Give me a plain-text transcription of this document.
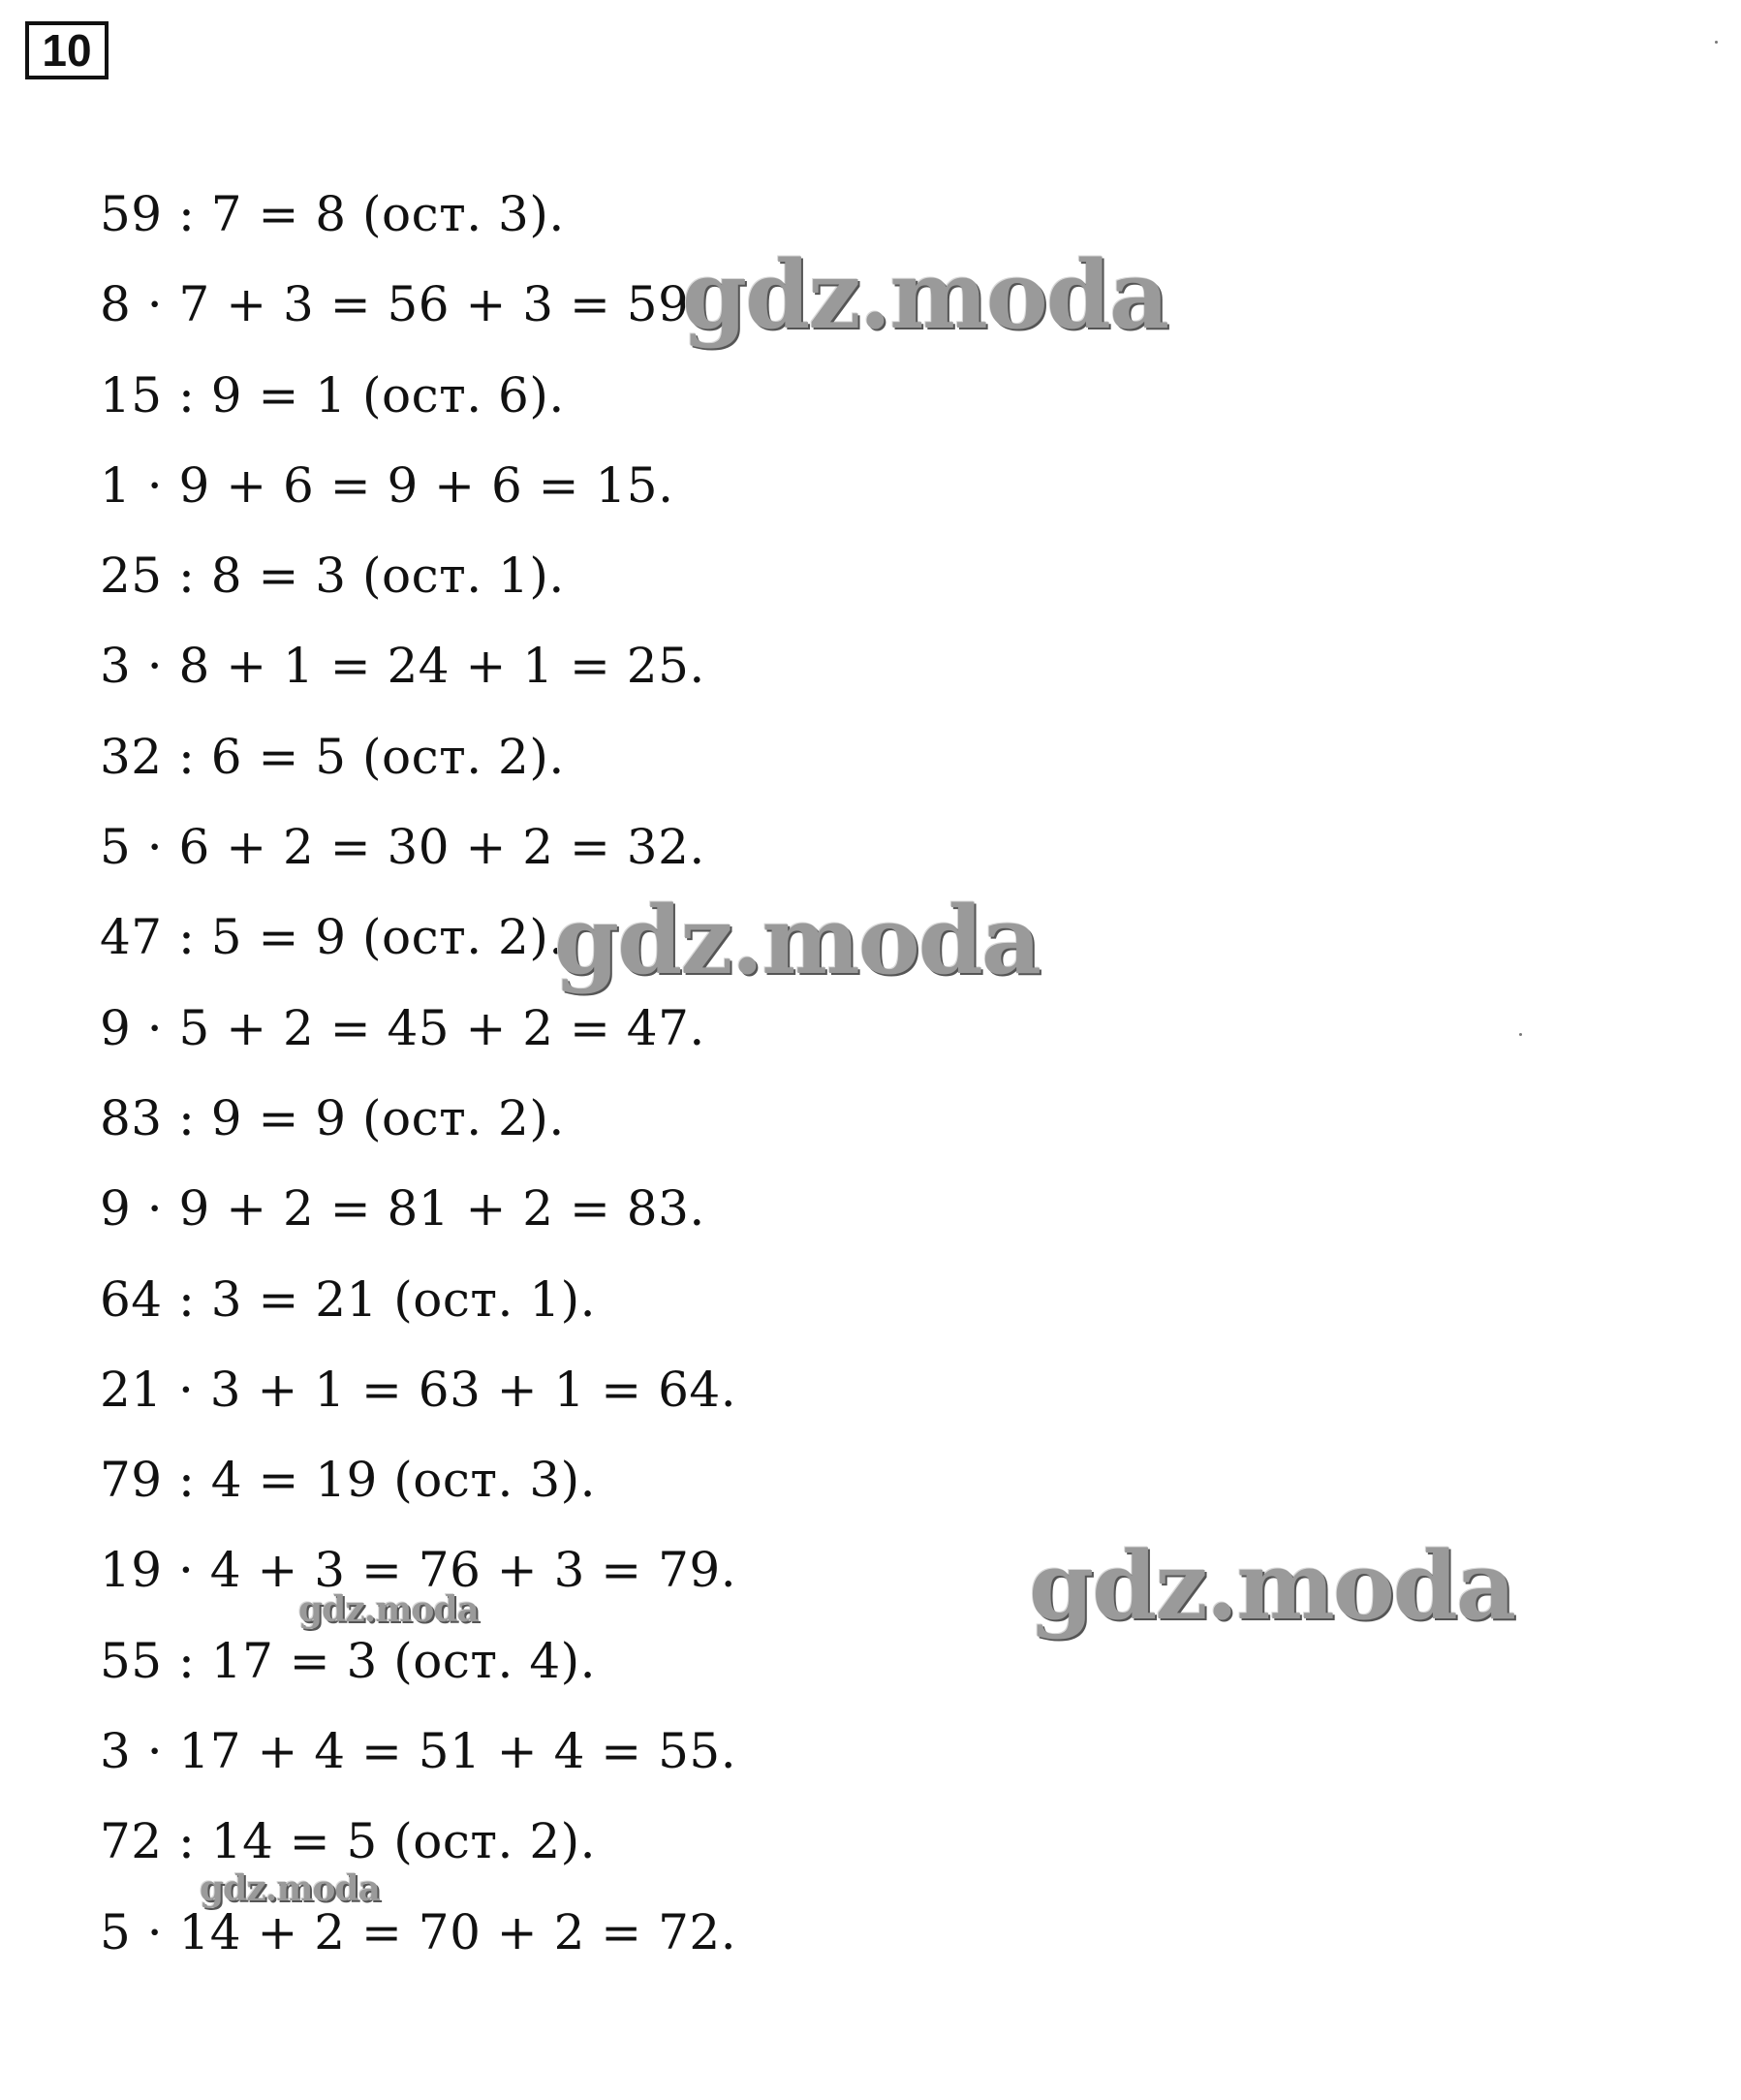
10
59 : 7 = 8 (ост. 3).
8 · 7 + 3 = 56 + 3 = 59.
15 : 9 = 1 (ост. 6).
1 · 9 + 6 = 9 + 6 = 15.
25 : 8 = 3 (ост. 1).
3 · 8 + 1 = 24 + 1 = 25.
32 : 6 = 5 (ост. 2).
5 · 6 + 2 = 30 + 2 = 32.
47 : 5 = 9 (ост. 2).
9 · 5 + 2 = 45 + 2 = 47.
83 : 9 = 9 (ост. 2).
9 · 9 + 2 = 81 + 2 = 83.
64 : 3 = 21 (ост. 1).
21 · 3 + 1 = 63 + 1 = 64.
79 : 4 = 19 (ост. 3).
19 · 4 + 3 = 76 + 3 = 79.
55 : 17 = 3 (ост. 4).
3 · 17 + 4 = 51 + 4 = 55.
72 : 14 = 5 (ост. 2).
5 · 14 + 2 = 70 + 2 = 72.
gdz.moda
gdz.moda
gdz.moda
gdz.moda
gdz.moda
